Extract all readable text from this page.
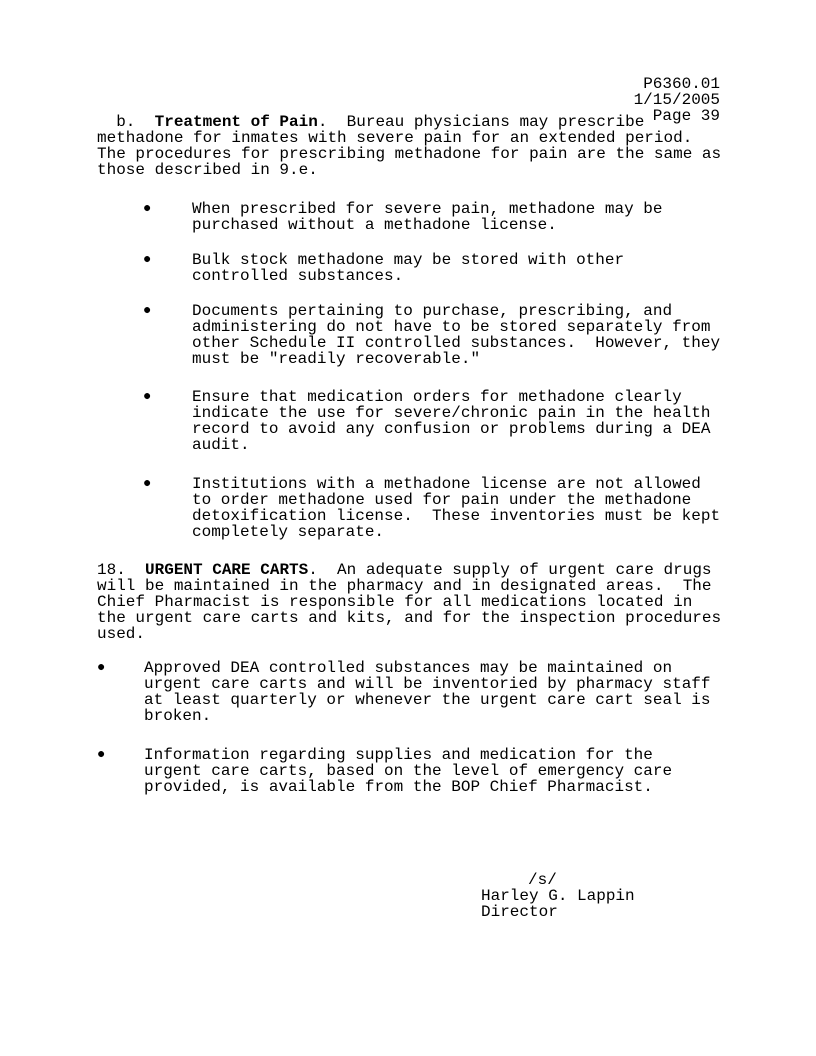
P6360.01
1/15/2005
Page 39
b.  Treatment of Pain.  Bureau physicians may prescribe
methadone for inmates with severe pain for an extended period.
The procedures for prescribing methadone for pain are the same as
those described in 9.e.
●	When prescribed for severe pain, methadone may be
purchased without a methadone license.
●	Bulk stock methadone may be stored with other
controlled substances.
●	Documents pertaining to purchase, prescribing, and
administering do not have to be stored separately from
other Schedule II controlled substances.  However, they
must be "readily recoverable."
●	Ensure that medication orders for methadone clearly
indicate the use for severe/chronic pain in the health
record to avoid any confusion or problems during a DEA
audit.
●	Institutions with a methadone license are not allowed
to order methadone used for pain under the methadone
detoxification license.  These inventories must be kept
completely separate.
18.  URGENT CARE CARTS.  An adequate supply of urgent care drugs
will be maintained in the pharmacy and in designated areas.  The
Chief Pharmacist is responsible for all medications located in
the urgent care carts and kits, and for the inspection procedures
used.
● Approved DEA controlled substances may be maintained on
urgent care carts and will be inventoried by pharmacy staff
at least quarterly or whenever the urgent care cart seal is
broken.
● Information regarding supplies and medication for the
urgent care carts, based on the level of emergency care
provided, is available from the BOP Chief Pharmacist.
/s/
Harley G. Lappin
Director
